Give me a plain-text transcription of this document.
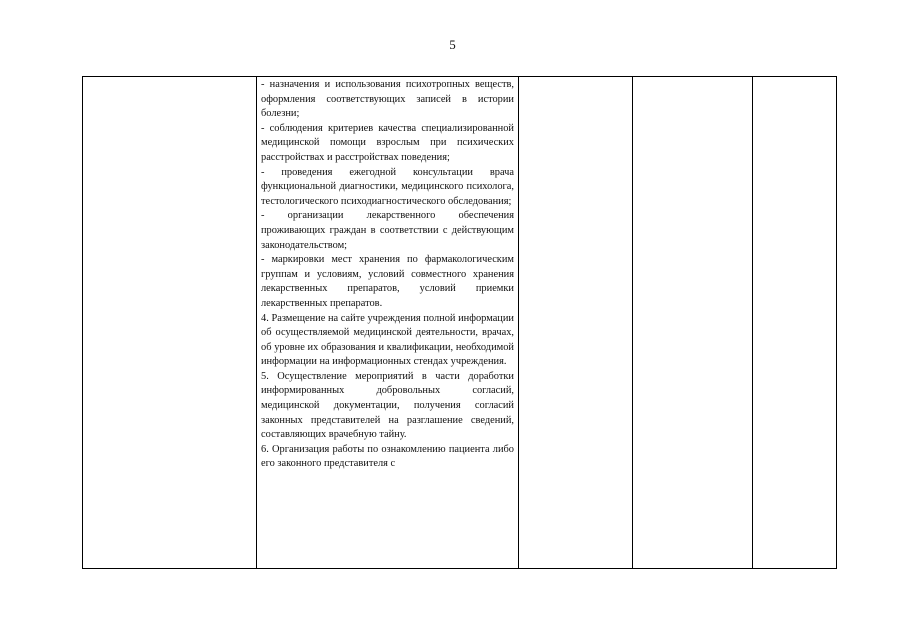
5

- назначения и использования психотропных веществ, оформления соответствующих записей в истории болезни;

- соблюдения критериев качества специализированной медицинской помощи взрослым при психических расстройствах и расстройствах поведения;

- проведения ежегодной консультации врача функциональной диагностики, медицинского психолога, тестологического психодиагностического обследования;

- организации лекарственного обеспечения проживающих граждан в соответствии с действующим законодательством;

- маркировки мест хранения по фармакологическим группам и условиям, условий совместного хранения лекарственных препаратов, условий приемки лекарственных препаратов.

4. Размещение на сайте учреждения полной информации об осуществляемой медицинской деятельности, врачах, об уровне их образования и квалификации, необходимой информации на информационных стендах учреждения.

5. Осуществление мероприятий в части доработки информированных добровольных согласий, медицинской документации, получения согласий законных представителей на разглашение сведений, составляющих врачебную тайну.

6. Организация работы по ознакомлению пациента либо его законного представителя с
